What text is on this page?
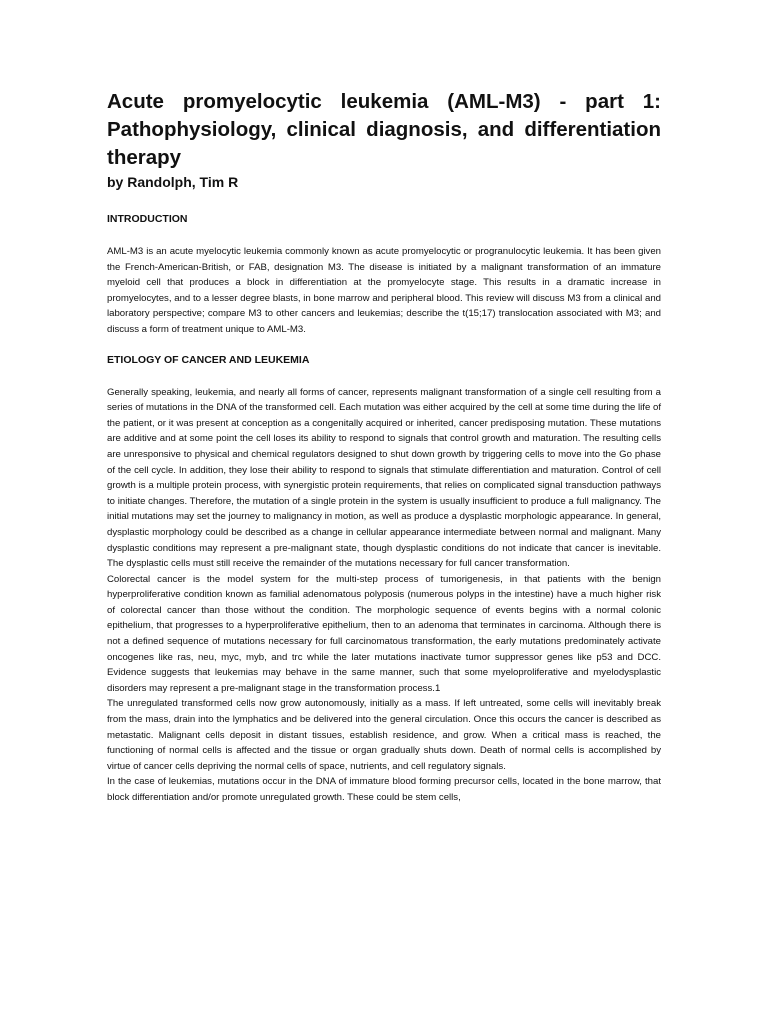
Acute promyelocytic leukemia (AML-M3) - part 1: Pathophysiology, clinical diagnosis, and differentiation therapy
by Randolph, Tim R
INTRODUCTION

AML-M3 is an acute myelocytic leukemia commonly known as acute promyelocytic or progranulocytic leukemia. It has been given the French-American-British, or FAB, designation M3. The disease is initiated by a malignant transformation of an immature myeloid cell that produces a block in differentiation at the promyelocyte stage. This results in a dramatic increase in promyelocytes, and to a lesser degree blasts, in bone marrow and peripheral blood. This review will discuss M3 from a clinical and laboratory perspective; compare M3 to other cancers and leukemias; describe the t(15;17) translocation associated with M3; and discuss a form of treatment unique to AML-M3.

ETIOLOGY OF CANCER AND LEUKEMIA

Generally speaking, leukemia, and nearly all forms of cancer, represents malignant transformation of a single cell resulting from a series of mutations in the DNA of the transformed cell. Each mutation was either acquired by the cell at some time during the life of the patient, or it was present at conception as a congenitally acquired or inherited, cancer predisposing mutation. These mutations are additive and at some point the cell loses its ability to respond to signals that control growth and maturation. The resulting cells are unresponsive to physical and chemical regulators designed to shut down growth by triggering cells to move into the Go phase of the cell cycle. In addition, they lose their ability to respond to signals that stimulate differentiation and maturation. Control of cell growth is a multiple protein process, with synergistic protein requirements, that relies on complicated signal transduction pathways to initiate changes. Therefore, the mutation of a single protein in the system is usually insufficient to produce a full malignancy. The initial mutations may set the journey to malignancy in motion, as well as produce a dysplastic morphologic appearance. In general, dysplastic morphology could be described as a change in cellular appearance intermediate between normal and malignant. Many dysplastic conditions may represent a pre-malignant state, though dysplastic conditions do not indicate that cancer is inevitable. The dysplastic cells must still receive the remainder of the mutations necessary for full cancer transformation.

Colorectal cancer is the model system for the multi-step process of tumorigenesis, in that patients with the benign hyperproliferative condition known as familial adenomatous polyposis (numerous polyps in the intestine) have a much higher risk of colorectal cancer than those without the condition. The morphologic sequence of events begins with a normal colonic epithelium, that progresses to a hyperproliferative epithelium, then to an adenoma that terminates in carcinoma. Although there is not a defined sequence of mutations necessary for full carcinomatous transformation, the early mutations predominately activate oncogenes like ras, neu, myc, myb, and trc while the later mutations inactivate tumor suppressor genes like p53 and DCC. Evidence suggests that leukemias may behave in the same manner, such that some myeloproliferative and myelodysplastic disorders may represent a pre-malignant stage in the transformation process.1

The unregulated transformed cells now grow autonomously, initially as a mass. If left untreated, some cells will inevitably break from the mass, drain into the lymphatics and be delivered into the general circulation. Once this occurs the cancer is described as metastatic. Malignant cells deposit in distant tissues, establish residence, and grow. When a critical mass is reached, the functioning of normal cells is affected and the tissue or organ gradually shuts down. Death of normal cells is accomplished by virtue of cancer cells depriving the normal cells of space, nutrients, and cell regulatory signals.

In the case of leukemias, mutations occur in the DNA of immature blood forming precursor cells, located in the bone marrow, that block differentiation and/or promote unregulated growth. These could be stem cells,
